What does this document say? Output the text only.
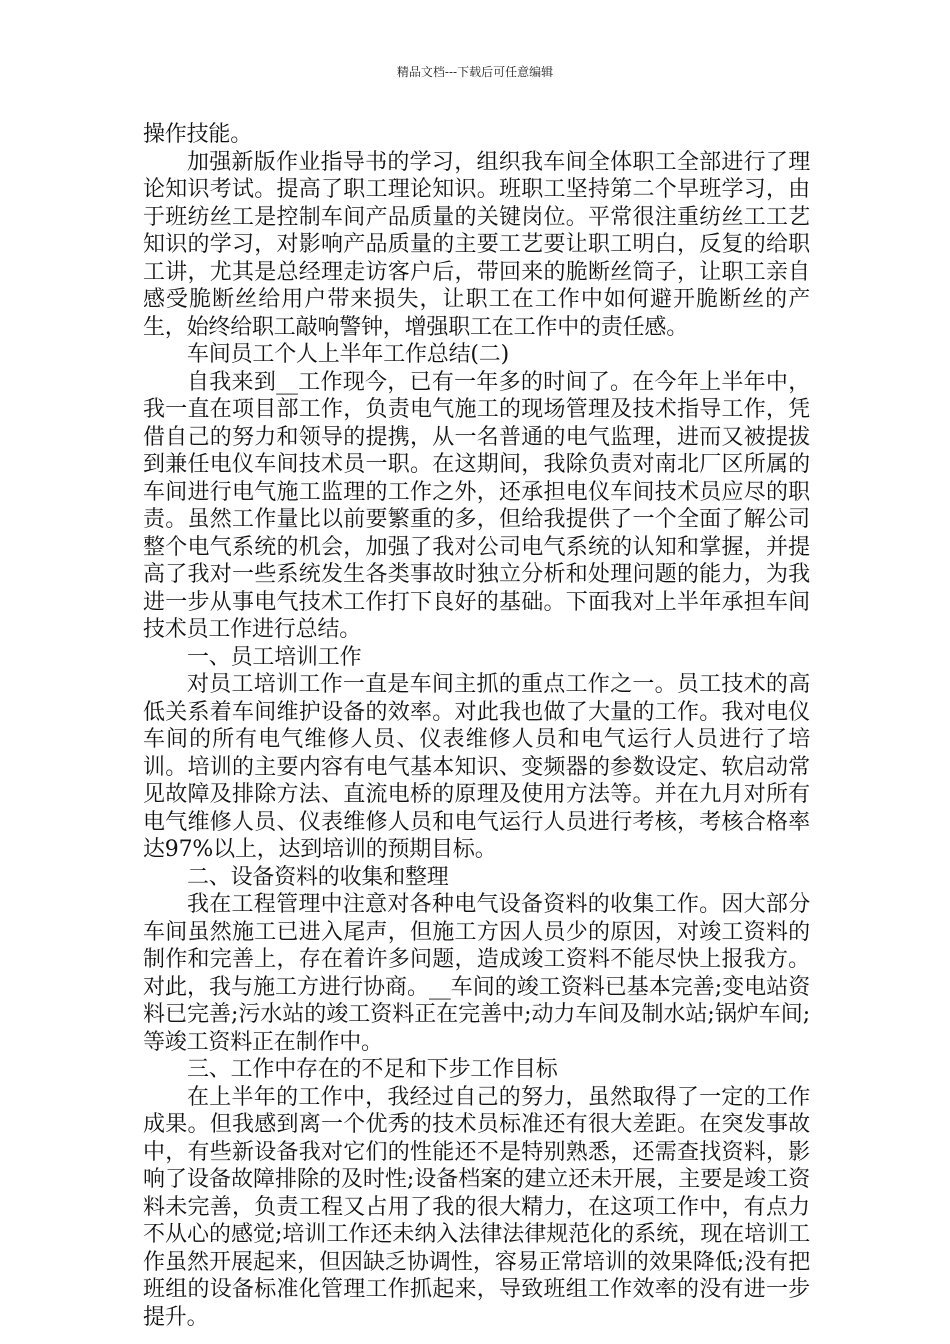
精品文档---下载后可任意编辑

操作技能。

加强新版作业指导书的学习，组织我车间全体职工全部进行了理论知识考试。提高了职工理论知识。班职工坚持第二个早班学习，由于班纺丝工是控制车间产品质量的关键岗位。平常很注重纺丝工工艺知识的学习，对影响产品质量的主要工艺要让职工明白，反复的给职工讲，尤其是总经理走访客户后，带回来的脆断丝筒子，让职工亲自感受脆断丝给用户带来损失，让职工在工作中如何避开脆断丝的产生，始终给职工敲响警钟，增强职工在工作中的责任感。

车间员工个人上半年工作总结(二)

自我来到__工作现今，已有一年多的时间了。在今年上半年中，我一直在项目部工作，负责电气施工的现场管理及技术指导工作，凭借自己的努力和领导的提携，从一名普通的电气监理，进而又被提拔到兼任电仪车间技术员一职。在这期间，我除负责对南北厂区所属的车间进行电气施工监理的工作之外，还承担电仪车间技术员应尽的职责。虽然工作量比以前要繁重的多，但给我提供了一个全面了解公司整个电气系统的机会，加强了我对公司电气系统的认知和掌握，并提高了我对一些系统发生各类事故时独立分析和处理问题的能力，为我进一步从事电气技术工作打下良好的基础。下面我对上半年承担车间技术员工作进行总结。

一、员工培训工作

对员工培训工作一直是车间主抓的重点工作之一。员工技术的高低关系着车间维护设备的效率。对此我也做了大量的工作。我对电仪车间的所有电气维修人员、仪表维修人员和电气运行人员进行了培训。培训的主要内容有电气基本知识、变频器的参数设定、软启动常见故障及排除方法、直流电桥的原理及使用方法等。并在九月对所有电气维修人员、仪表维修人员和电气运行人员进行考核，考核合格率达97%以上，达到培训的预期目标。

二、设备资料的收集和整理

我在工程管理中注意对各种电气设备资料的收集工作。因大部分车间虽然施工已进入尾声，但施工方因人员少的原因，对竣工资料的制作和完善上，存在着许多问题，造成竣工资料不能尽快上报我方。对此，我与施工方进行协商。__车间的竣工资料已基本完善;变电站资料已完善;污水站的竣工资料正在完善中;动力车间及制水站;锅炉车间;等竣工资料正在制作中。

三、工作中存在的不足和下步工作目标

在上半年的工作中，我经过自己的努力，虽然取得了一定的工作成果。但我感到离一个优秀的技术员标准还有很大差距。在突发事故中，有些新设备我对它们的性能还不是特别熟悉，还需查找资料，影响了设备故障排除的及时性;设备档案的建立还未开展，主要是竣工资料未完善，负责工程又占用了我的很大精力，在这项工作中，有点力不从心的感觉;培训工作还未纳入法律法律规范化的系统，现在培训工作虽然开展起来，但因缺乏协调性，容易正常培训的效果降低;没有把班组的设备标准化管理工作抓起来，导致班组工作效率的没有进一步提升。
